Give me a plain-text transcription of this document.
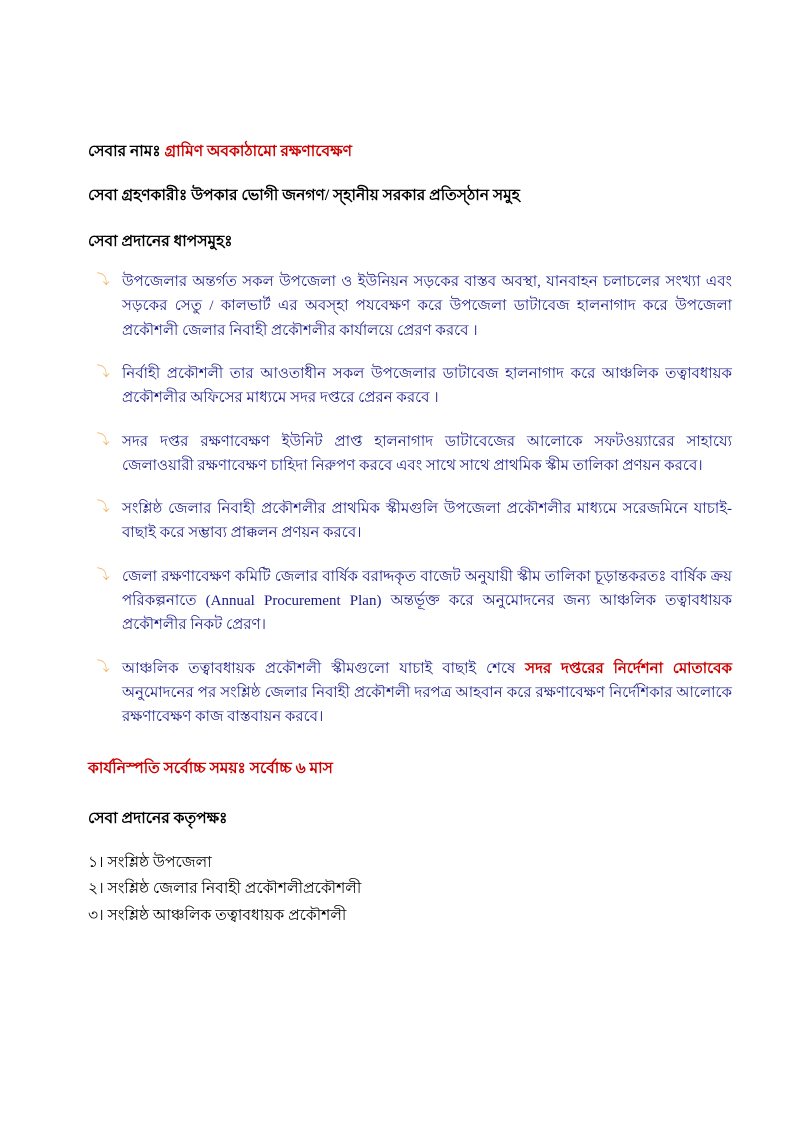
সেবার নামঃ গ্রামিণ অবকাঠামো রক্ষণাবেক্ষণ

সেবা গ্রহণকারীঃ উপকার ভোগী জনগণ/ স্হানীয় সরকার প্রতিস্ঠান সমুহ

সেবা প্রদানের ধাপসমুহঃ

⤵ উপজেলার অন্তর্গত সকল উপজেলা ও ইউনিয়ন সড়কের বাস্তব অবস্থা, যানবাহন চলাচলের সংখ্যা এবং সড়কের সেতু / কালভার্ট এর অবস্হা পযবেক্ষণ করে উপজেলা ডাটাবেজ হালনাগাদ করে উপজেলা প্রকৌশলী জেলার নিবাহী প্রকৌশলীর কার্যালয়ে প্রেরণ করবে ।
⤵ নির্বাহী প্রকৌশলী তার আওতাধীন সকল উপজেলার ডাটাবেজ হালনাগাদ করে আঞ্চলিক তত্বাবধায়ক প্রকৌশলীর অফিসের মাধ্যমে সদর দপ্তরে প্রেরন করবে ।
⤵ সদর দপ্তর রক্ষণাবেক্ষণ ইউনিট প্রাপ্ত হালনাগাদ ডাটাবেজের আলোকে সফটওয়্যারের সাহায্যে জেলাওয়ারী রক্ষণাবেক্ষণ চাহিদা নিরুপণ করবে এবং সাথে সাথে প্রাথমিক স্কীম তালিকা প্রণয়ন করবে।
⤵ সংশ্লিষ্ঠ জেলার নিবাহী প্রকৌশলীর প্রাথমিক স্কীমগুলি উপজেলা প্রকৌশলীর মাধ্যমে সরেজমিনে যাচাই-বাছাই করে সম্ভাব্য প্রাক্কলন প্রণয়ন করবে।
⤵ জেলা রক্ষণাবেক্ষণ কমিটি জেলার বার্ষিক বরাদ্দকৃত বাজেট অনুযায়ী স্কীম তালিকা চূড়ান্তকরতঃ বার্ষিক ক্রয় পরিকল্পনাতে (Annual Procurement Plan) অন্তর্ভূক্ত করে অনুমোদনের জন্য আঞ্চলিক তত্বাবধায়ক প্রকৌশলীর নিকট প্রেরণ।
⤵ আঞ্চলিক তত্বাবধায়ক প্রকৌশলী স্কীমগুলো যাচাই বাছাই শেষে সদর দপ্তরের নির্দেশনা মোতাবেক অনুমোদনের পর সংশ্লিষ্ঠ জেলার নিবাহী প্রকৌশলী দরপত্র আহবান করে রক্ষণাবেক্ষণ নির্দেশিকার আলোকে রক্ষণাবেক্ষণ কাজ বাস্তবায়ন করবে।

কার্যনিস্পতি সর্বোচ্চ সময়ঃ সর্বোচ্চ ৬ মাস

সেবা প্রদানের কতৃপক্ষঃ

১। সংশ্লিষ্ঠ উপজেলা
২। সংশ্লিষ্ঠ জেলার নিবাহী প্রকৌশলীপ্রকৌশলী
৩। সংশ্লিষ্ঠ আঞ্চলিক তত্বাবধায়ক প্রকৌশলী
